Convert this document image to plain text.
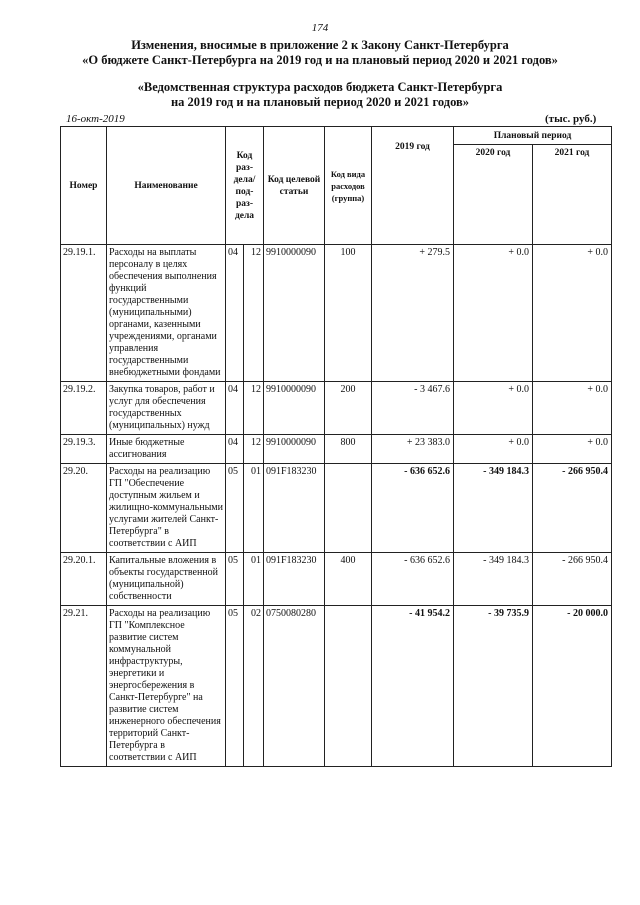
174
Изменения, вносимые в приложение 2 к Закону Санкт-Петербурга
«О бюджете Санкт-Петербурга на 2019 год и на плановый период 2020 и 2021 годов»
«Ведомственная структура расходов бюджета Санкт-Петербурга
на 2019 год и на плановый период 2020 и 2021 годов»
16-окт-2019	(тыс. руб.)
Номер	Наименование	Код раз-дела/ под-раз-дела		Код целевой статьи	Код вида расходов (группа)	2019 год	Плановый период	
							2020 год	2021 год
29.19.1.	Расходы на выплаты персоналу в целях обеспечения выполнения функций государственными (муниципальными) органами, казенными учреждениями, органами управления государственными внебюджетными фондами	04	12	9910000090	100	+ 279.5	+ 0.0	+ 0.0
29.19.2.	Закупка товаров, работ и услуг для обеспечения государственных (муниципальных) нужд	04	12	9910000090	200	- 3 467.6	+ 0.0	+ 0.0
29.19.3.	Иные бюджетные ассигнования	04	12	9910000090	800	+ 23 383.0	+ 0.0	+ 0.0
29.20.	Расходы на реализацию ГП "Обеспечение доступным жильем и жилищно-коммунальными услугами жителей Санкт-Петербурга" в соответствии с АИП	05	01	091F183230		- 636 652.6	- 349 184.3	- 266 950.4
29.20.1.	Капитальные вложения в объекты государственной (муниципальной) собственности	05	01	091F183230	400	- 636 652.6	- 349 184.3	- 266 950.4
29.21.	Расходы на реализацию ГП "Комплексное развитие систем коммунальной инфраструктуры, энергетики и энергосбережения в Санкт-Петербурге" на развитие систем инженерного обеспечения территорий Санкт-Петербурга в соответствии с АИП	05	02	0750080280		- 41 954.2	- 39 735.9	- 20 000.0
